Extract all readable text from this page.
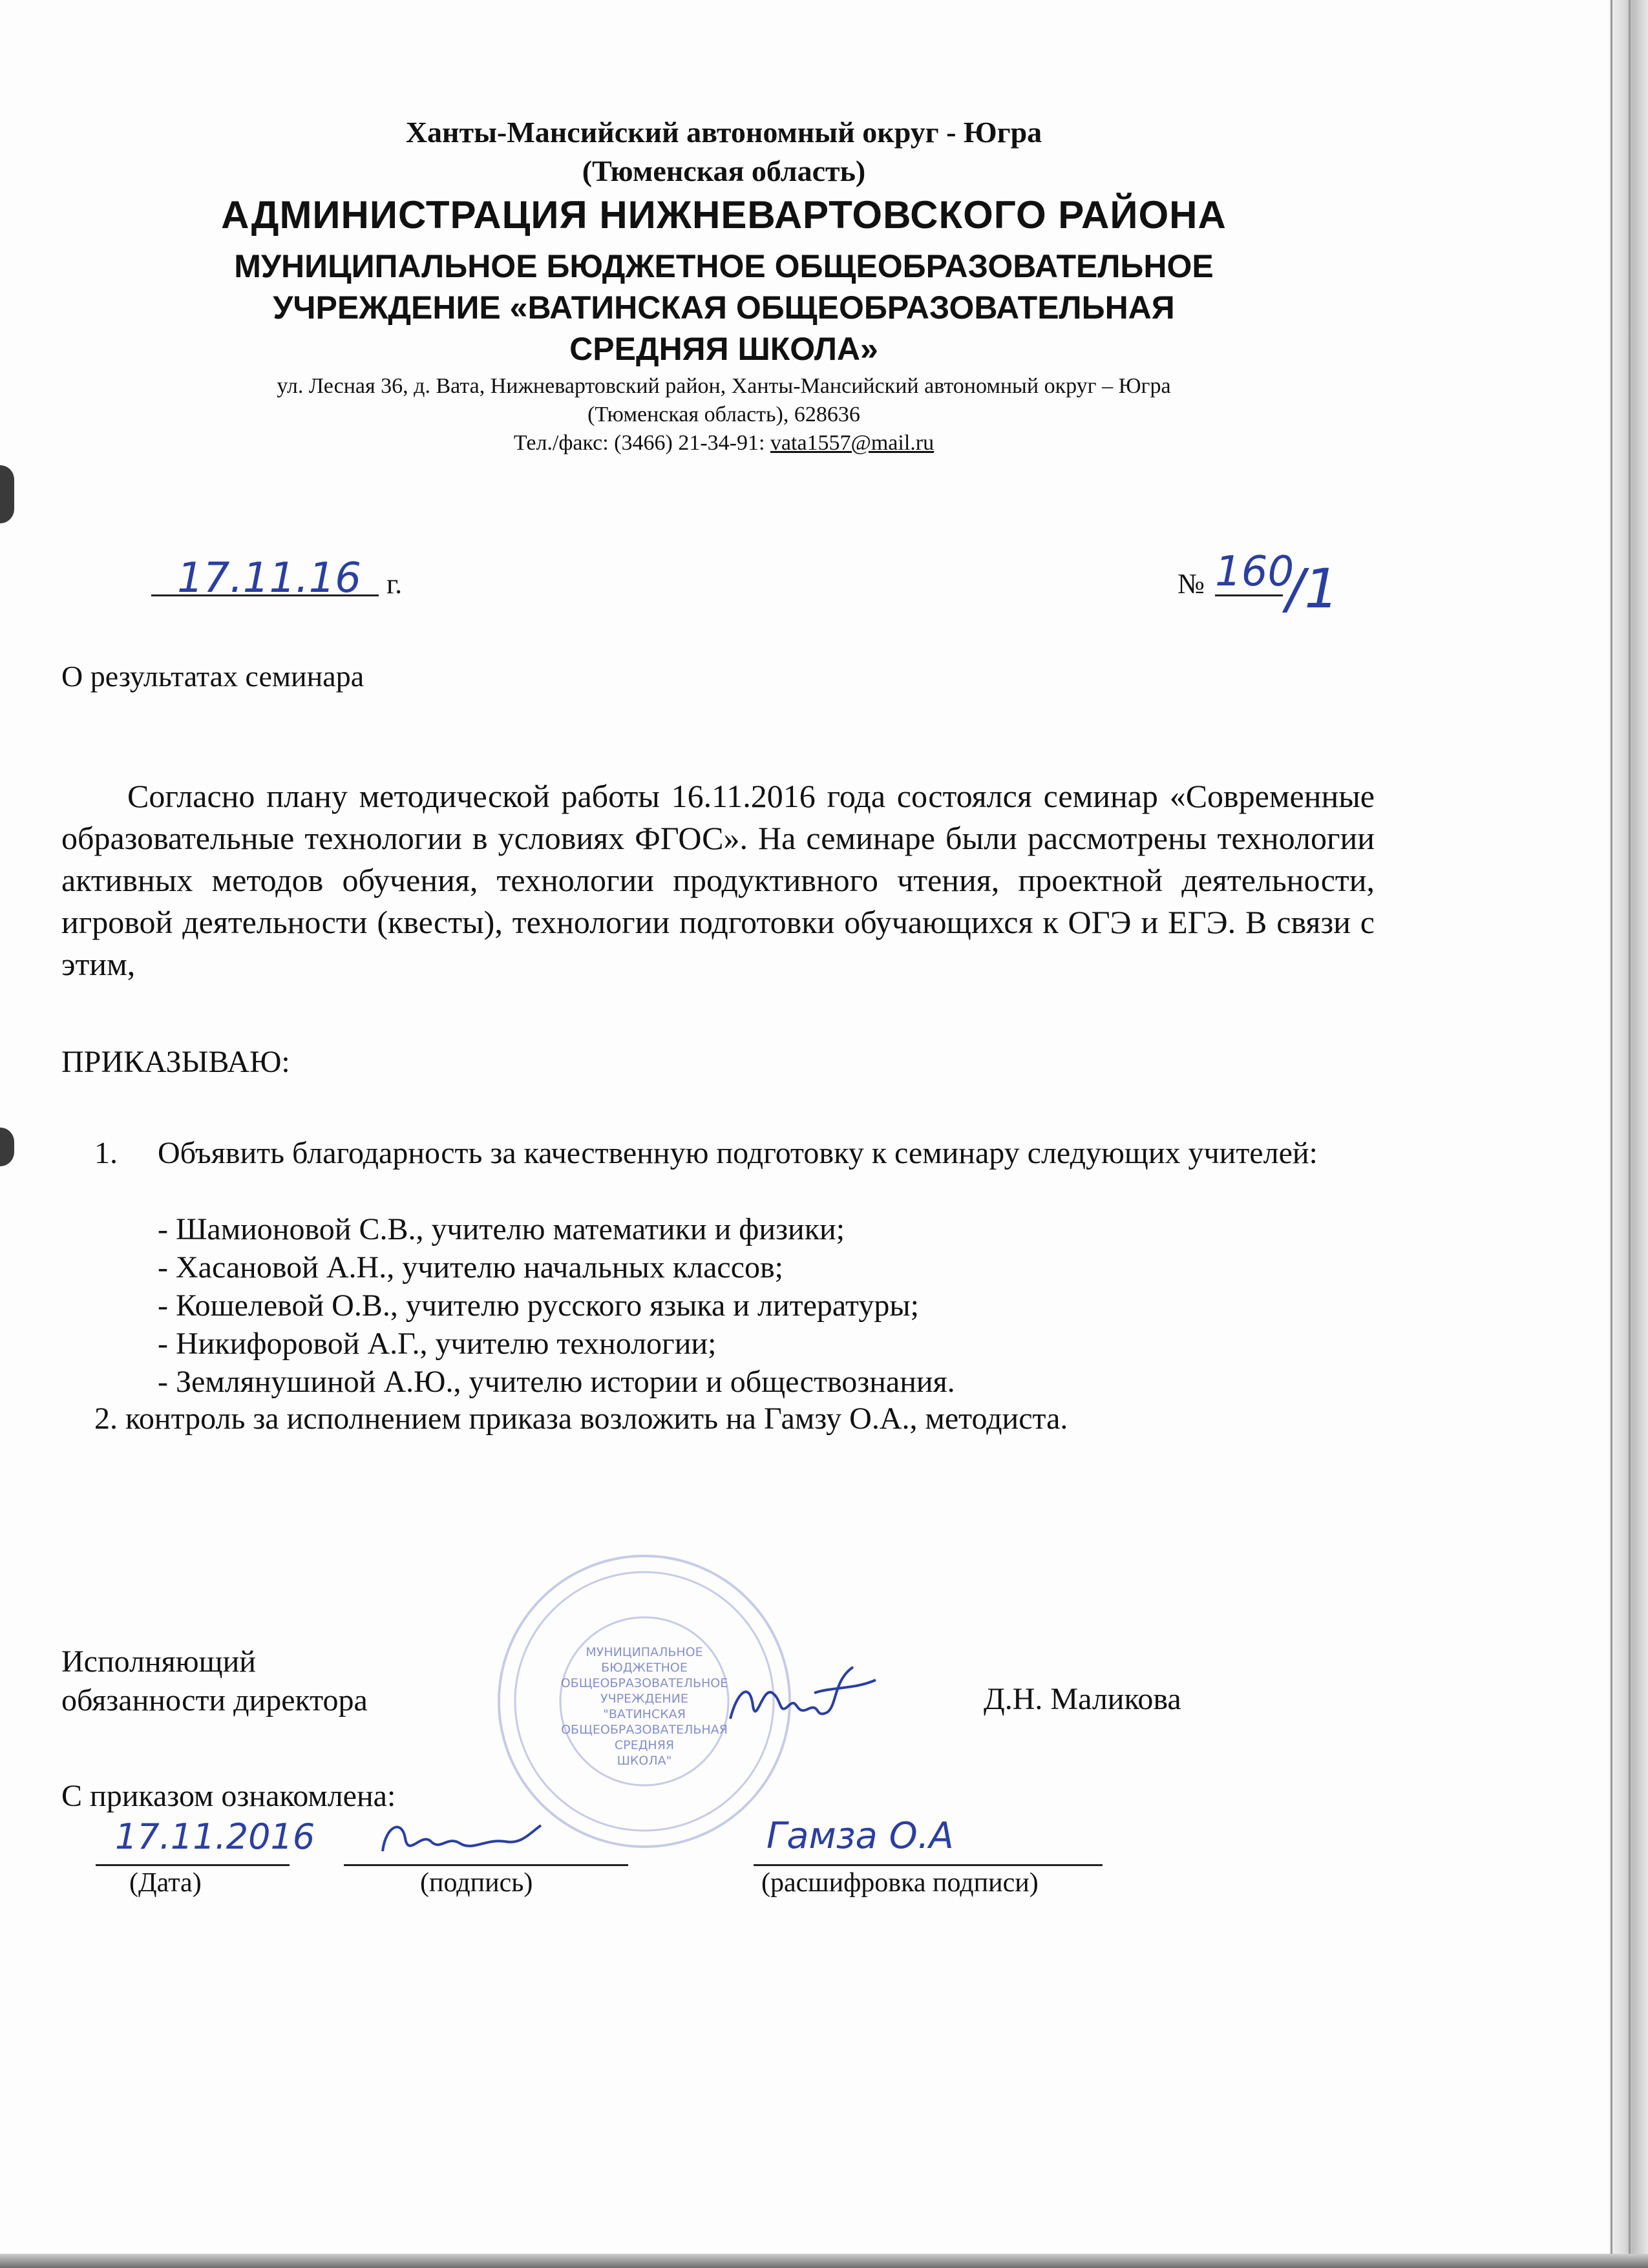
Ханты-Мансийский автономный округ - Югра
(Тюменская область)
АДМИНИСТРАЦИЯ НИЖНЕВАРТОВСКОГО РАЙОНА
МУНИЦИПАЛЬНОЕ БЮДЖЕТНОЕ ОБЩЕОБРАЗОВАТЕЛЬНОЕ
УЧРЕЖДЕНИЕ «ВАТИНСКАЯ ОБЩЕОБРАЗОВАТЕЛЬНАЯ
СРЕДНЯЯ ШКОЛА»
ул. Лесная 36, д. Вата, Нижневартовский район, Ханты-Мансийский автономный округ – Югра
(Тюменская область), 628636
Тел./факс: (3466) 21-34-91: vata1557@mail.ru
17.11.16 г.	№ 160
/1
О результатах семинара
Согласно плану методической работы 16.11.2016 года состоялся семинар «Современные образовательные технологии в условиях ФГОС». На семинаре были рассмотрены технологии активных методов обучения, технологии продуктивного чтения, проектной деятельности, игровой деятельности (квесты), технологии подготовки обучающихся к ОГЭ и ЕГЭ. В связи с этим,
ПРИКАЗЫВАЮ:
1. Объявить благодарность за качественную подготовку к семинару следующих учителей:
- Шамионовой С.В., учителю математики и физики;
- Хасановой А.Н., учителю начальных классов;
- Кошелевой О.В., учителю русского языка и литературы;
- Никифоровой А.Г., учителю технологии;
- Землянушиной А.Ю., учителю истории и обществознания.
2. контроль за исполнением приказа возложить на Гамзу О.А., методиста.
МУНИЦИПАЛЬНОЕ
БЮДЖЕТНОЕ
ОБЩЕОБРАЗОВАТЕЛЬНОЕ
УЧРЕЖДЕНИЕ
"ВАТИНСКАЯ
ОБЩЕОБРАЗОВАТЕЛЬНАЯ
СРЕДНЯЯ
ШКОЛА"
Исполняющий
обязанности директора	Д.Н. Маликова
С приказом ознакомлена:
17.11.2016	Гамза О.А
(Дата)	(подпись)	(расшифровка подписи)
